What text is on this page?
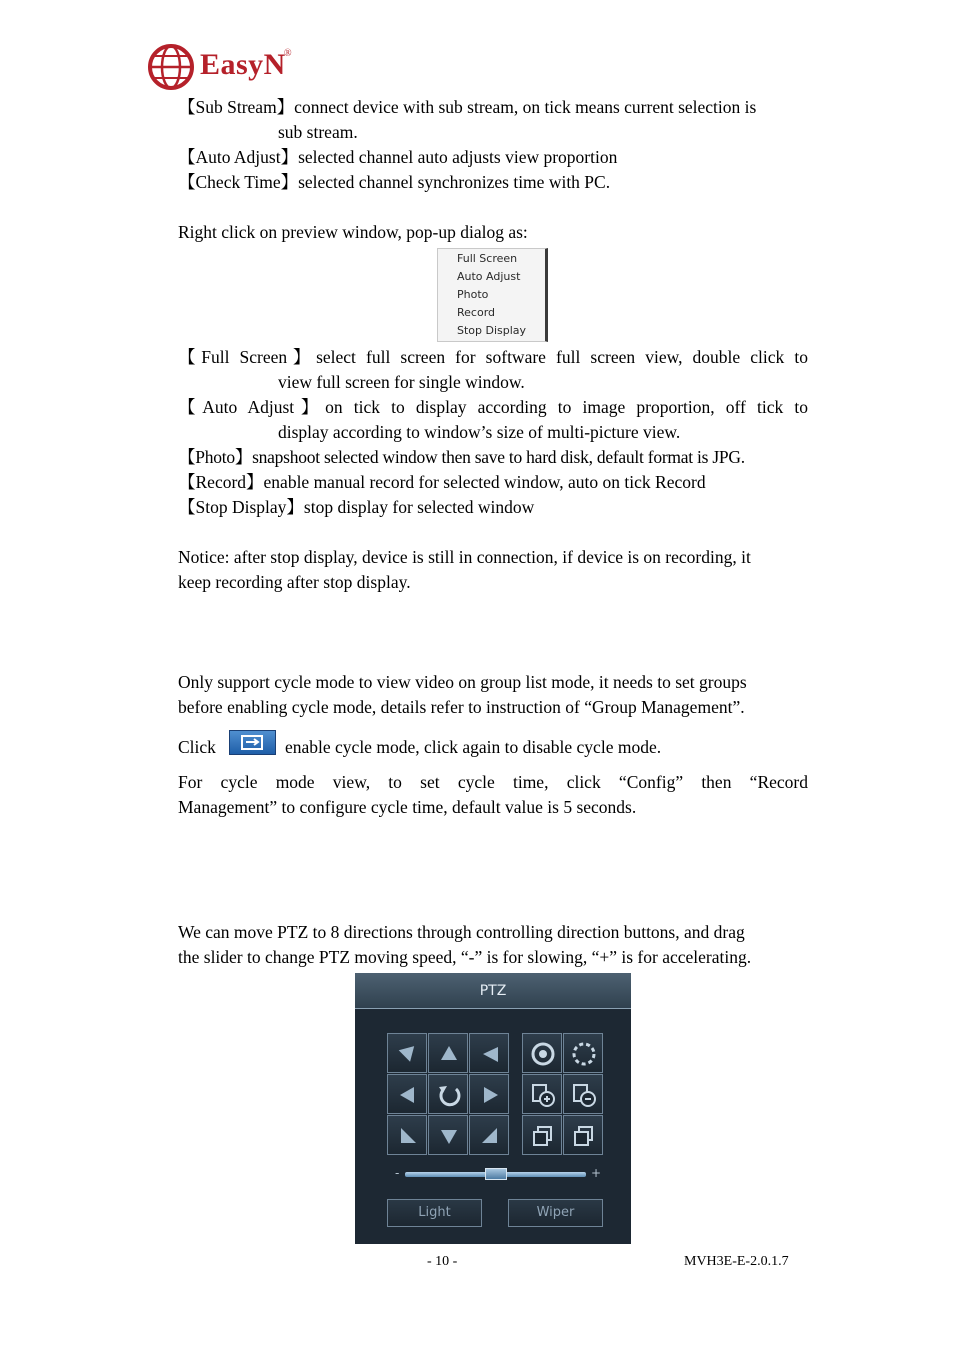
EasyN
®
【Sub Stream】connect device with sub stream, on tick means current selection is
sub stream.
【Auto Adjust】selected channel auto adjusts view proportion
【Check Time】selected channel synchronizes time with PC.
Right click on preview window, pop-up dialog as:
Full Screen
Auto Adjust
Photo
Record
Stop Display
【Full Screen】select full screen for software full screen view, double click to
view full screen for single window.
【Auto Adjust】on tick to display according to image proportion, off tick to
display according to window’s size of multi-picture view.
【Photo】snapshoot selected window then save to hard disk, default format is JPG.
【Record】enable manual record for selected window, auto on tick Record
【Stop Display】stop display for selected window
Notice: after stop display, device is still in connection, if device is on recording, it
keep recording after stop display.
Only support cycle mode to view video on group list mode, it needs to set groups
before enabling cycle mode, details refer to instruction of “Group Management”.
Click	enable cycle mode, click again to disable cycle mode.
For cycle mode view, to set cycle time, click “Config” then “Record
Management” to configure cycle time, default value is 5 seconds.
We can move PTZ to 8 directions through controlling direction buttons, and drag
the slider to change PTZ moving speed, “-” is for slowing, “+” is for accelerating.
PTZ
-	+
Light	Wiper
- 10 -	MVH3E-E-2.0.1.7
